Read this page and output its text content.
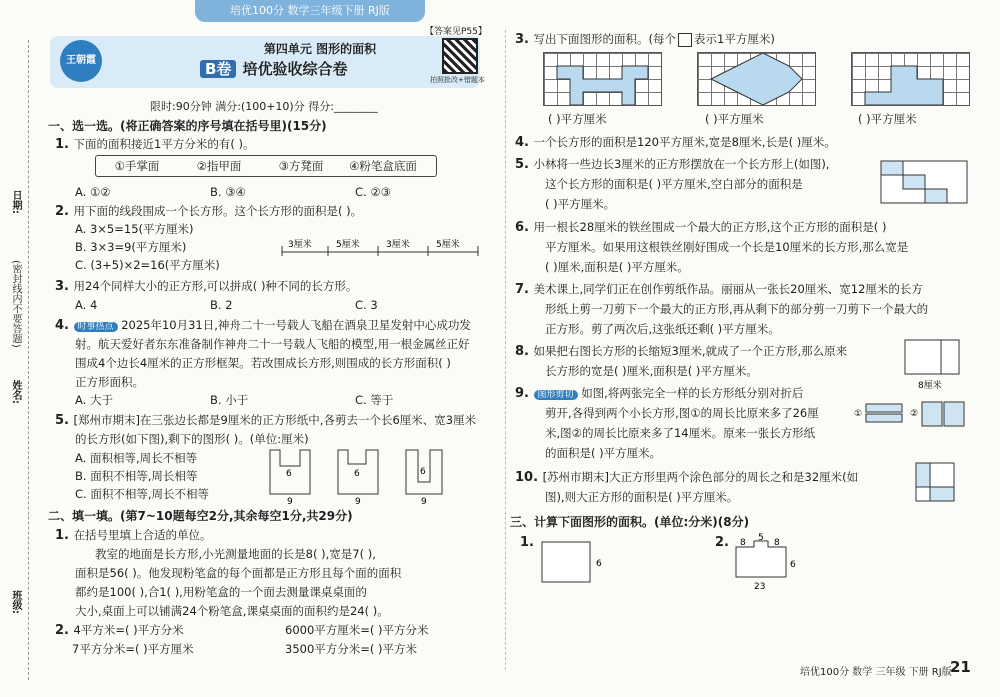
培优100分 数学三年级下册 RJ版
日期:
(密封线内不要答题)
姓名:
班级:
王朝霞
第四单元 图形的面积
B卷 培优验收综合卷
【答案见P55】
拍照批改+错题本
限时:90分钟 满分:(100+10)分 得分:________
一、选一选。(将正确答案的序号填在括号里)(15分)
1. 下面的面积接近1平方分米的有( )。
①手掌面	②指甲面	③方凳面 ④粉笔盒底面
A. ①②	B. ③④	C. ②③
2. 用下面的线段围成一个长方形。这个长方形的面积是( )。
A. 3×5=15(平方厘米)
B. 3×3=9(平方厘米)
C. (3+5)×2=16(平方厘米)
3厘米	5厘米	3厘米	5厘米
3. 用24个同样大小的正方形,可以拼成( )种不同的长方形。
A. 4	B. 2	C. 3
4. 时事热点 2025年10月31日,神舟二十一号载人飞船在酒泉卫星发射中心成功发
射。航天爱好者东东准备制作神舟二十一号载人飞船的模型,用一根金属丝正好
围成4个边长4厘米的正方形框架。若改围成长方形,则围成的长方形面积( )
正方形面积。
A. 大于	B. 小于	C. 等于
5. [郑州市期末]在三张边长都是9厘米的正方形纸中,各剪去一个长6厘米、宽3厘米
的长方形(如下图),剩下的图形( )。(单位:厘米)
A. 面积相等,周长不相等
B. 面积不相等,周长相等
C. 面积不相等,周长不相等
6
9
6
9
6
9
二、填一填。(第7~10题每空2分,其余每空1分,共29分)
1. 在括号里填上合适的单位。
教室的地面是长方形,小光测量地面的长是8( ),宽是7( ),
面积是56( )。他发现粉笔盒的每个面都是正方形且每个面的面积
都约是100( ),合1( ),用粉笔盒的一个面去测量课桌桌面的
大小,桌面上可以铺满24个粉笔盒,课桌桌面的面积约是24( )。
2. 4平方米=( )平方分米	6000平方厘米=( )平方分米
7平方分米=( )平方厘米	3500平方分米=( )平方米
3. 写出下面图形的面积。(每个 表示1平方厘米)
( )平方厘米	( )平方厘米	( )平方厘米
4. 一个长方形的面积是120平方厘米,宽是8厘米,长是( )厘米。
5. 小林将一些边长3厘米的正方形摆放在一个长方形上(如图),
这个长方形的面积是( )平方厘米,空白部分的面积是
( )平方厘米。
6. 用一根长28厘米的铁丝围成一个最大的正方形,这个正方形的面积是( )
平方厘米。如果用这根铁丝刚好围成一个长是10厘米的长方形,那么宽是
( )厘米,面积是( )平方厘米。
7. 美术课上,同学们正在创作剪纸作品。丽丽从一张长20厘米、宽12厘米的长方
形纸上剪一刀剪下一个最大的正方形,再从剩下的部分剪一刀剪下一个最大的
正方形。剪了两次后,这张纸还剩( )平方厘米。
8. 如果把右图长方形的长缩短3厘米,就成了一个正方形,那么原来
长方形的宽是( )厘米,面积是( )平方厘米。
8厘米
9. 图形剪切 如图,将两张完全一样的长方形纸分别对折后
剪开,各得到两个小长方形,图①的周长比原来多了26厘
米,图②的周长比原来多了14厘米。原来一张长方形纸
的面积是( )平方厘米。
①	②
10. [苏州市期末]大正方形里两个涂色部分的周长之和是32厘米(如
图),则大正方形的面积是( )平方厘米。
三、计算下面图形的面积。(单位:分米)(8分)
1.
6
2. 8 5 8
6
23
培优100分 数学 三年级 下册 RJ版
21
